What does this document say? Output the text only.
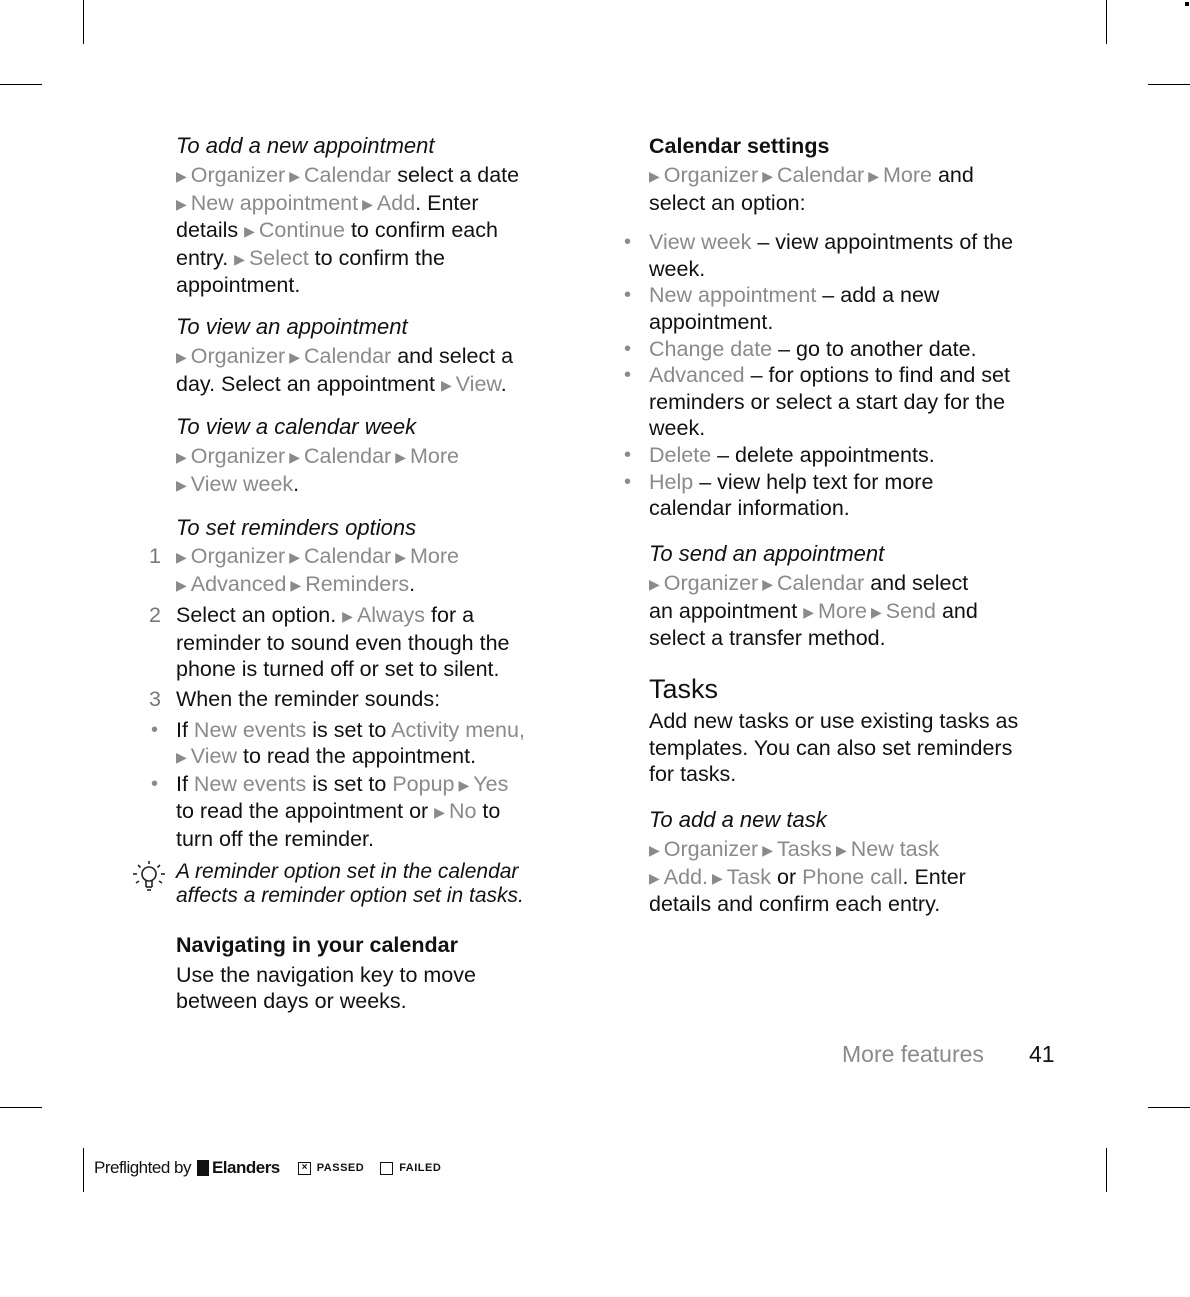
To add a new appointment

▶ Organizer ▶ Calendar select a date

▶ New appointment ▶ Add. Enter

details ▶ Continue to confirm each

entry. ▶ Select to confirm the

appointment.

To view an appointment

▶ Organizer ▶ Calendar and select a

day. Select an appointment ▶ View.

To view a calendar week

▶ Organizer ▶ Calendar ▶ More

▶ View week.

To set reminders options

1 ▶ Organizer ▶ Calendar ▶ More

▶ Advanced ▶ Reminders.

2 Select an option. ▶ Always for a

reminder to sound even though the

phone is turned off or set to silent.

3 When the reminder sounds:

• If New events is set to Activity menu,

▶ View to read the appointment.

• If New events is set to Popup ▶ Yes

to read the appointment or ▶ No to

turn off the reminder.

A reminder option set in the calendar

affects a reminder option set in tasks.

Navigating in your calendar

Use the navigation key to move

between days or weeks.

Calendar settings

▶ Organizer ▶ Calendar ▶ More and

select an option:

• View week – view appointments of the

week.

• New appointment – add a new

appointment.

• Change date – go to another date.

• Advanced – for options to find and set

reminders or select a start day for the

week.

• Delete – delete appointments.

• Help – view help text for more

calendar information.

To send an appointment

▶ Organizer ▶ Calendar and select

an appointment ▶ More ▶ Send and

select a transfer method.

Tasks

Add new tasks or use existing tasks as

templates. You can also set reminders

for tasks.

To add a new task

▶ Organizer ▶ Tasks ▶ New task

▶ Add. ▶ Task or Phone call. Enter

details and confirm each entry.

More features 41
Preflighted by Elanders	× PASSED	FAILED
